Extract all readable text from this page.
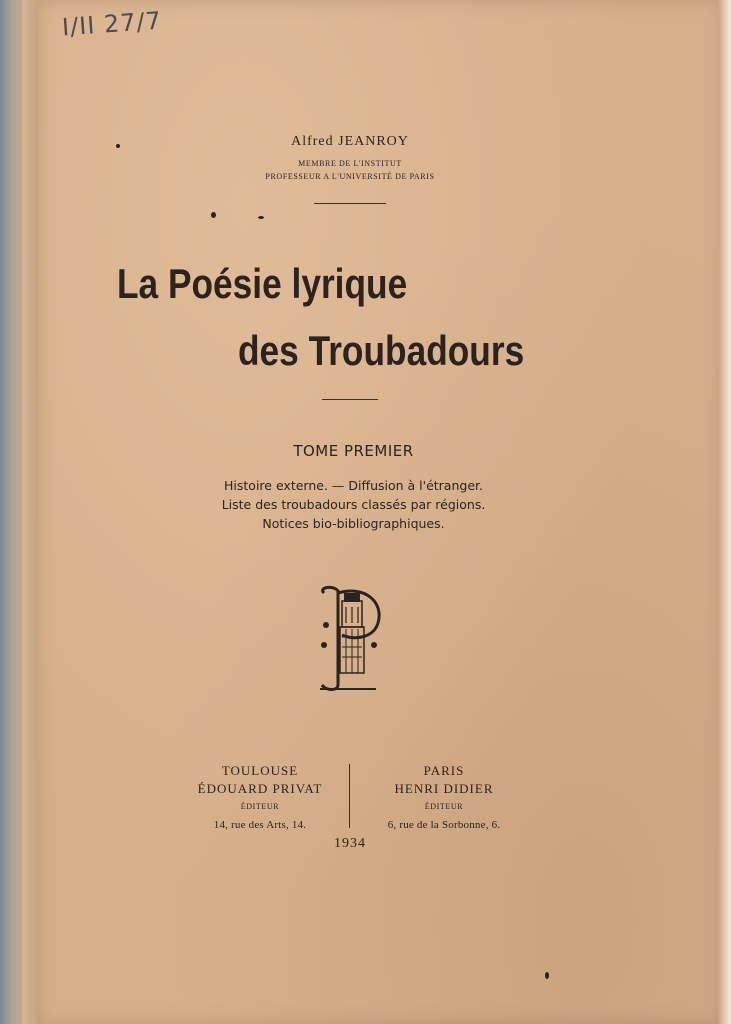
I/II 27/7
Alfred JEANROY
MEMBRE DE L'INSTITUT
PROFESSEUR A L'UNIVERSITÉ DE PARIS
La Poésie lyrique
des Troubadours
TOME PREMIER
Histoire externe. — Diffusion à l'étranger.
Liste des troubadours classés par régions.
Notices bio-bibliographiques.
TOULOUSE
ÉDOUARD PRIVAT
ÉDITEUR
14, rue des Arts, 14.
PARIS
HENRI DIDIER
ÉDITEUR
6, rue de la Sorbonne, 6.
1934
